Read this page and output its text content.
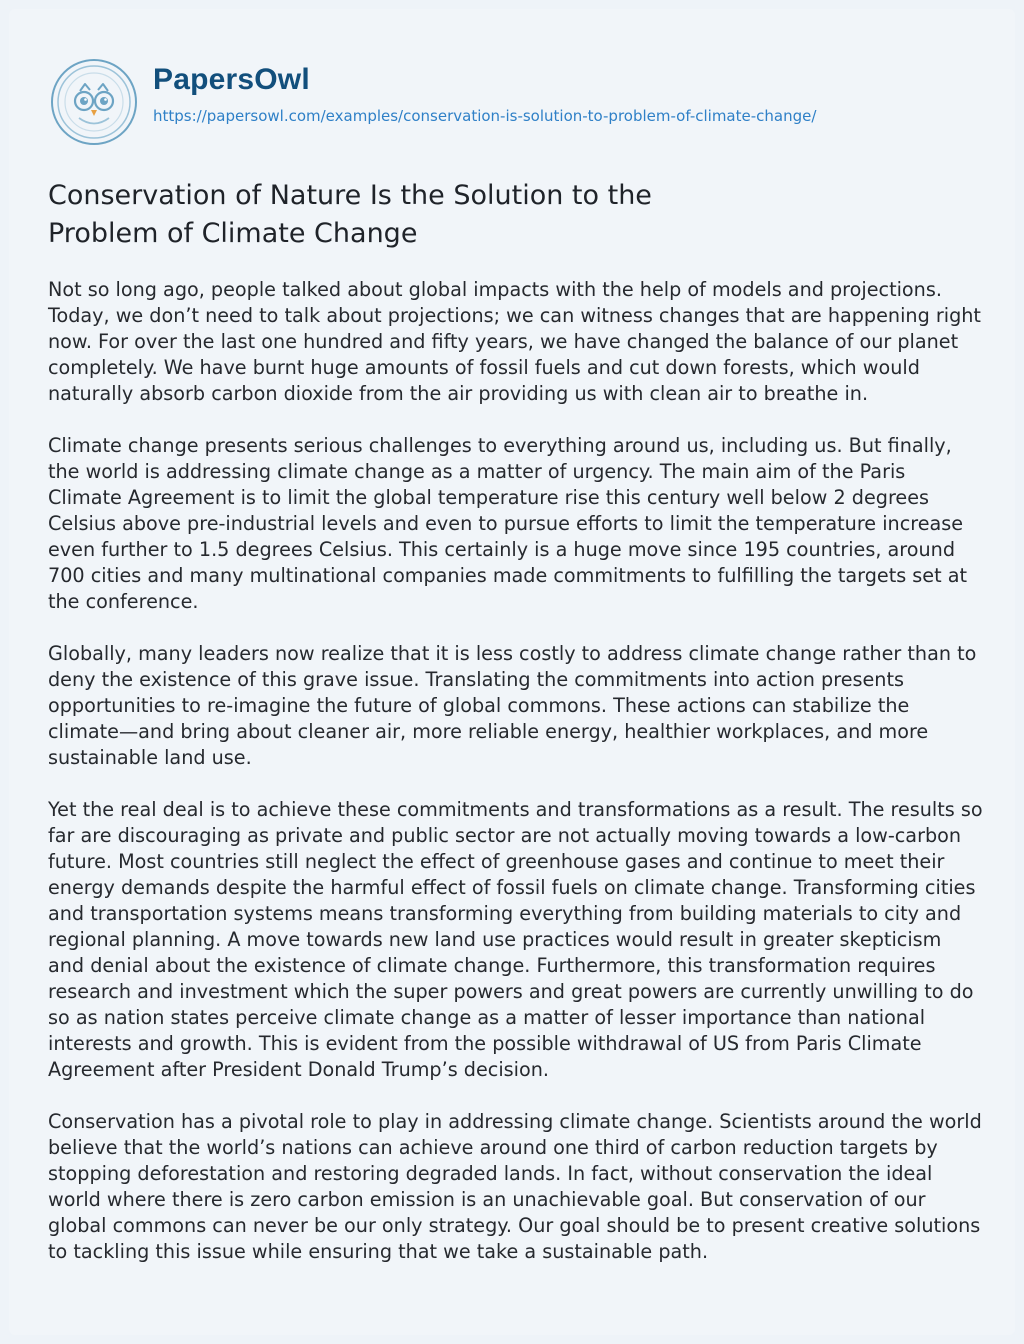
PapersOwl
https://papersowl.com/examples/conservation-is-solution-to-problem-of-climate-change/
Conservation of Nature Is the Solution to the Problem of Climate Change

Not so long ago, people talked about global impacts with the help of models and projections. Today, we don’t need to talk about projections; we can witness changes that are happening right now. For over the last one hundred and fifty years, we have changed the balance of our planet completely. We have burnt huge amounts of fossil fuels and cut down forests, which would naturally absorb carbon dioxide from the air providing us with clean air to breathe in.

Climate change presents serious challenges to everything around us, including us. But finally, the world is addressing climate change as a matter of urgency. The main aim of the Paris Climate Agreement is to limit the global temperature rise this century well below 2 degrees Celsius above pre-industrial levels and even to pursue efforts to limit the temperature increase even further to 1.5 degrees Celsius. This certainly is a huge move since 195 countries, around 700 cities and many multinational companies made commitments to fulfilling the targets set at the conference.

Globally, many leaders now realize that it is less costly to address climate change rather than to deny the existence of this grave issue. Translating the commitments into action presents opportunities to re-imagine the future of global commons. These actions can stabilize the climate—and bring about cleaner air, more reliable energy, healthier workplaces, and more sustainable land use.

Yet the real deal is to achieve these commitments and transformations as a result. The results so far are discouraging as private and public sector are not actually moving towards a low-carbon future. Most countries still neglect the effect of greenhouse gases and continue to meet their energy demands despite the harmful effect of fossil fuels on climate change. Transforming cities and transportation systems means transforming everything from building materials to city and regional planning. A move towards new land use practices would result in greater skepticism and denial about the existence of climate change. Furthermore, this transformation requires research and investment which the super powers and great powers are currently unwilling to do so as nation states perceive climate change as a matter of lesser importance than national interests and growth. This is evident from the possible withdrawal of US from Paris Climate Agreement after President Donald Trump’s decision.

Conservation has a pivotal role to play in addressing climate change. Scientists around the world believe that the world’s nations can achieve around one third of carbon reduction targets by stopping deforestation and restoring degraded lands. In fact, without conservation the ideal world where there is zero carbon emission is an unachievable goal. But conservation of our global commons can never be our only strategy. Our goal should be to present creative solutions to tackling this issue while ensuring that we take a sustainable path.
